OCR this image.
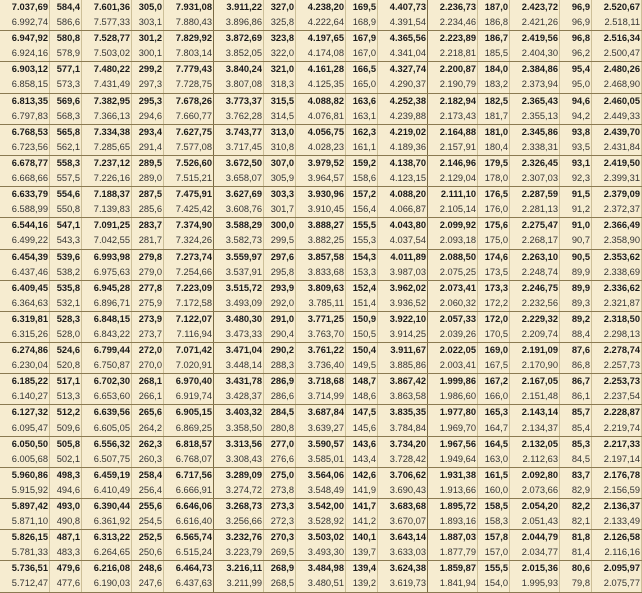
7.037,69	584,4	7.601,36	305,0	7.931,08	3.911,22	327,0	4.238,20	169,5	4.407,73	2.236,73	187,0	2.423,72	96,9	2.520,67
6.992,74	586,6	7.577,33	303,1	7.880,43	3.896,86	325,8	4.222,64	168,9	4.391,54	2.234,46	186,8	2.421,26	96,9	2.518,11
6.947,92	580,8	7.528,77	301,2	7.829,92	3.872,69	323,8	4.197,65	167,9	4.365,56	2.223,89	186,7	2.419,56	96,8	2.516,34
6.924,16	578,9	7.503,02	300,1	7.803,14	3.852,05	322,0	4.174,08	167,0	4.341,04	2.218,81	185,5	2.404,30	96,2	2.500,47
6.903,12	577,1	7.480,22	299,2	7.779,43	3.840,24	321,0	4.161,28	166,5	4.327,74	2.200,87	184,0	2.384,86	95,4	2.480,26
6.858,15	573,3	7.431,49	297,3	7.728,75	3.807,08	318,3	4.125,35	165,0	4.290,37	2.190,79	183,2	2.373,94	95,0	2.468,90
6.813,35	569,6	7.382,95	295,3	7.678,26	3.773,37	315,5	4.088,82	163,6	4.252,38	2.182,94	182,5	2.365,43	94,6	2.460,05
6.797,83	568,3	7.366,13	294,6	7.660,77	3.762,28	314,5	4.076,81	163,1	4.239,88	2.173,43	181,7	2.355,13	94,2	2.449,33
6.768,53	565,8	7.334,38	293,4	7.627,75	3.743,77	313,0	4.056,75	162,3	4.219,02	2.164,88	181,0	2.345,86	93,8	2.439,70
6.723,56	562,1	7.285,65	291,4	7.577,08	3.717,45	310,8	4.028,23	161,1	4.189,36	2.157,91	180,4	2.338,31	93,5	2.431,84
6.678,77	558,3	7.237,12	289,5	7.526,60	3.672,50	307,0	3.979,52	159,2	4.138,70	2.146,96	179,5	2.326,45	93,1	2.419,50
6.668,66	557,5	7.226,16	289,0	7.515,21	3.658,07	305,9	3.964,57	158,6	4.123,15	2.129,04	178,0	2.307,03	92,3	2.399,31
6.633,79	554,6	7.188,37	287,5	7.475,91	3.627,69	303,3	3.930,96	157,2	4.088,20	2.111,10	176,5	2.287,59	91,5	2.379,09
6.588,99	550,8	7.139,83	285,6	7.425,42	3.608,76	301,7	3.910,45	156,4	4.066,87	2.105,14	176,0	2.281,13	91,2	2.372,37
6.544,16	547,1	7.091,25	283,7	7.374,90	3.588,29	300,0	3.888,27	155,5	4.043,80	2.099,92	175,6	2.275,47	91,0	2.366,49
6.499,22	543,3	7.042,55	281,7	7.324,26	3.582,73	299,5	3.882,25	155,3	4.037,54	2.093,18	175,0	2.268,17	90,7	2.358,90
6.454,39	539,6	6.993,98	279,8	7.273,74	3.559,97	297,6	3.857,58	154,3	4.011,89	2.088,50	174,6	2.263,10	90,5	2.353,62
6.437,46	538,2	6.975,63	279,0	7.254,66	3.537,91	295,8	3.833,68	153,3	3.987,03	2.075,25	173,5	2.248,74	89,9	2.338,69
6.409,45	535,8	6.945,28	277,8	7.223,09	3.515,72	293,9	3.809,63	152,4	3.962,02	2.073,41	173,3	2.246,75	89,9	2.336,62
6.364,63	532,1	6.896,71	275,9	7.172,58	3.493,09	292,0	3.785,11	151,4	3.936,52	2.060,32	172,2	2.232,56	89,3	2.321,87
6.319,81	528,3	6.848,15	273,9	7.122,07	3.480,30	291,0	3.771,25	150,9	3.922,10	2.057,33	172,0	2.229,32	89,2	2.318,50
6.315,26	528,0	6.843,22	273,7	7.116,94	3.473,33	290,4	3.763,70	150,5	3.914,25	2.039,26	170,5	2.209,74	88,4	2.298,13
6.274,86	524,6	6.799,44	272,0	7.071,42	3.471,04	290,2	3.761,22	150,4	3.911,67	2.022,05	169,0	2.191,09	87,6	2.278,74
6.230,04	520,8	6.750,87	270,0	7.020,91	3.448,14	288,3	3.736,40	149,5	3.885,86	2.003,41	167,5	2.170,90	86,8	2.257,73
6.185,22	517,1	6.702,30	268,1	6.970,40	3.431,78	286,9	3.718,68	148,7	3.867,42	1.999,86	167,2	2.167,05	86,7	2.253,73
6.140,27	513,3	6.653,60	266,1	6.919,74	3.428,37	286,6	3.714,99	148,6	3.863,58	1.986,60	166,0	2.151,48	86,1	2.237,54
6.127,32	512,2	6.639,56	265,6	6.905,15	3.403,32	284,5	3.687,84	147,5	3.835,35	1.977,80	165,3	2.143,14	85,7	2.228,87
6.095,47	509,6	6.605,05	264,2	6.869,25	3.358,50	280,8	3.639,27	145,6	3.784,84	1.969,70	164,7	2.134,37	85,4	2.219,74
6.050,50	505,8	6.556,32	262,3	6.818,57	3.313,56	277,0	3.590,57	143,6	3.734,20	1.967,56	164,5	2.132,05	85,3	2.217,33
6.005,68	502,1	6.507,75	260,3	6.768,07	3.308,43	276,6	3.585,01	143,4	3.728,42	1.949,64	163,0	2.112,63	84,5	2.197,14
5.960,86	498,3	6.459,19	258,4	6.717,56	3.289,09	275,0	3.564,06	142,6	3.706,62	1.931,38	161,5	2.092,80	83,7	2.176,78
5.915,92	494,6	6.410,49	256,4	6.666,91	3.274,72	273,8	3.548,49	141,9	3.690,43	1.913,66	160,0	2.073,66	82,9	2.156,59
5.897,42	493,0	6.390,44	255,6	6.646,06	3.268,73	273,3	3.542,00	141,7	3.683,68	1.895,72	158,5	2.054,20	82,2	2.136,37
5.871,10	490,8	6.361,92	254,5	6.616,40	3.256,66	272,3	3.528,92	141,2	3.670,07	1.893,16	158,3	2.051,43	82,1	2.133,49
5.826,15	487,1	6.313,22	252,5	6.565,74	3.232,76	270,3	3.503,02	140,1	3.643,14	1.887,03	157,8	2.044,79	81,8	2.126,58
5.781,33	483,3	6.264,65	250,6	6.515,24	3.223,79	269,5	3.493,30	139,7	3.633,03	1.877,79	157,0	2.034,77	81,4	2.116,16
5.736,51	479,6	6.216,08	248,6	6.464,73	3.216,11	268,9	3.484,98	139,4	3.624,38	1.859,87	155,5	2.015,36	80,6	2.095,97
5.712,47	477,6	6.190,03	247,6	6.437,63	3.211,99	268,5	3.480,51	139,2	3.619,73	1.841,94	154,0	1.995,93	79,8	2.075,77
